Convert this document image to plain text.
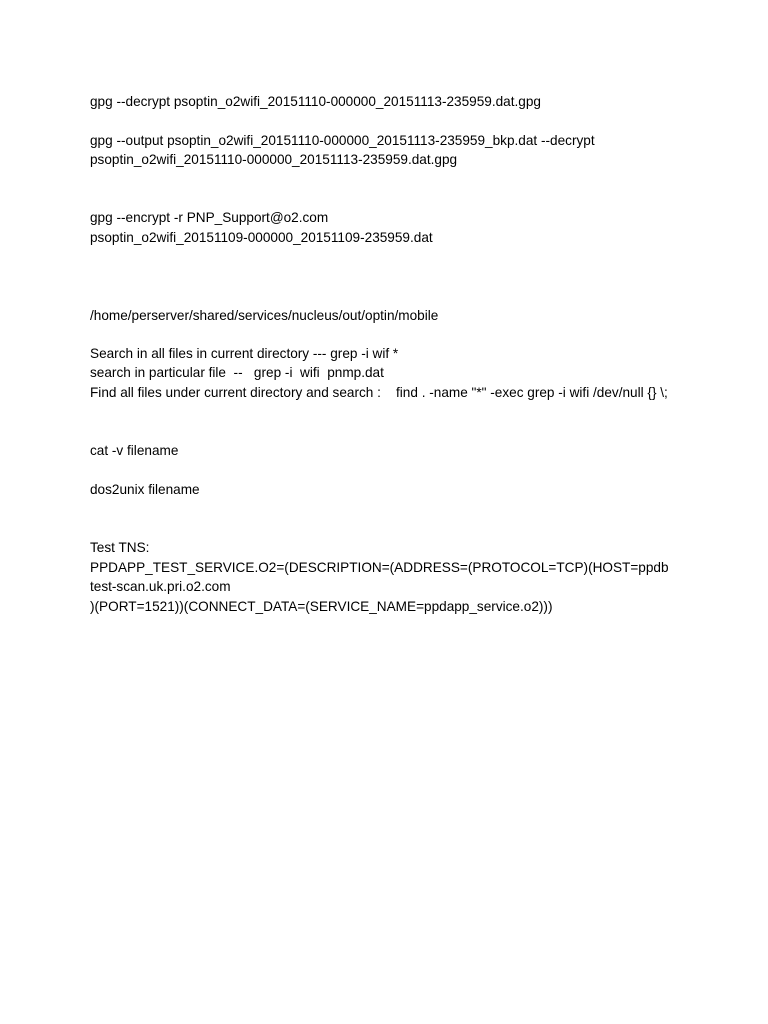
gpg --decrypt psoptin_o2wifi_20151110-000000_20151113-235959.dat.gpg

gpg --output psoptin_o2wifi_20151110-000000_20151113-235959_bkp.dat --decrypt

psoptin_o2wifi_20151110-000000_20151113-235959.dat.gpg

gpg --encrypt -r PNP_Support@o2.com

psoptin_o2wifi_20151109-000000_20151109-235959.dat

/home/perserver/shared/services/nucleus/out/optin/mobile

Search in all files in current directory --- grep -i wif *

search in particular file  --   grep -i  wifi  pnmp.dat

Find all files under current directory and search :    find . -name "*" -exec grep -i wifi /dev/null {} \;

cat -v filename

dos2unix filename

Test TNS:

PPDAPP_TEST_SERVICE.O2=(DESCRIPTION=(ADDRESS=(PROTOCOL=TCP)(HOST=ppdb

test-scan.uk.pri.o2.com

)(PORT=1521))(CONNECT_DATA=(SERVICE_NAME=ppdapp_service.o2)))
